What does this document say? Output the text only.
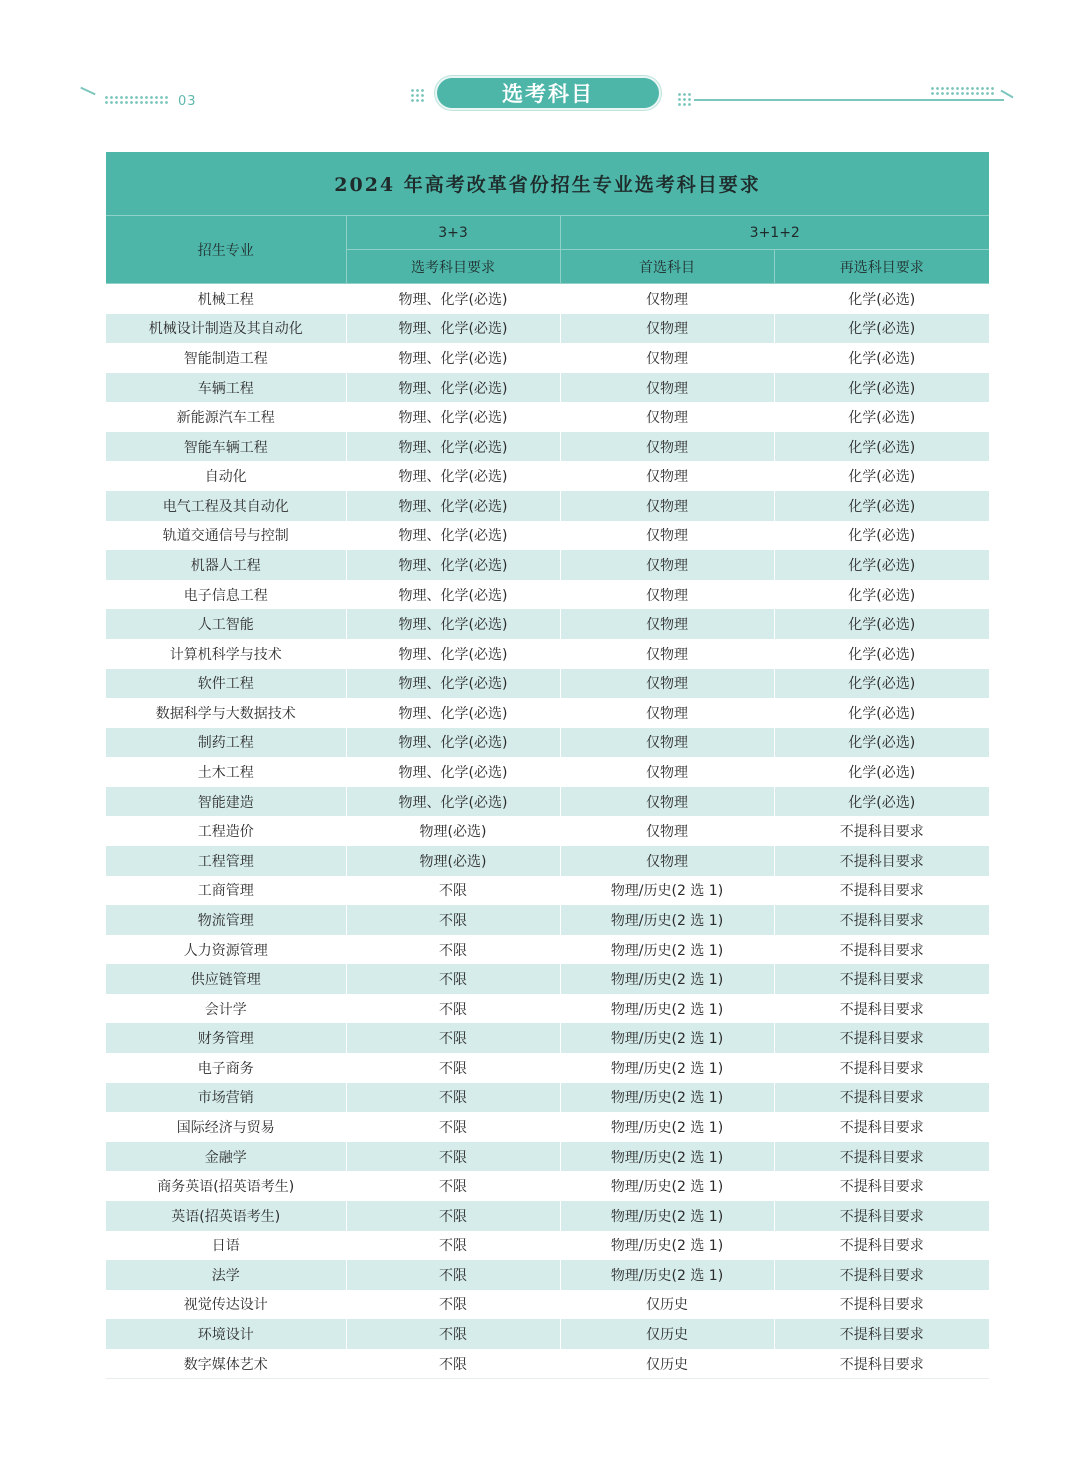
03	选考科目
2024 年高考改革省份招生专业选考科目要求
招生专业	3+3	3+1+2	
	选考科目要求	首选科目	再选科目要求
机械工程	物理、化学(必选)	仅物理	化学(必选)
机械设计制造及其自动化	物理、化学(必选)	仅物理	化学(必选)
智能制造工程	物理、化学(必选)	仅物理	化学(必选)
车辆工程	物理、化学(必选)	仅物理	化学(必选)
新能源汽车工程	物理、化学(必选)	仅物理	化学(必选)
智能车辆工程	物理、化学(必选)	仅物理	化学(必选)
自动化	物理、化学(必选)	仅物理	化学(必选)
电气工程及其自动化	物理、化学(必选)	仅物理	化学(必选)
轨道交通信号与控制	物理、化学(必选)	仅物理	化学(必选)
机器人工程	物理、化学(必选)	仅物理	化学(必选)
电子信息工程	物理、化学(必选)	仅物理	化学(必选)
人工智能	物理、化学(必选)	仅物理	化学(必选)
计算机科学与技术	物理、化学(必选)	仅物理	化学(必选)
软件工程	物理、化学(必选)	仅物理	化学(必选)
数据科学与大数据技术	物理、化学(必选)	仅物理	化学(必选)
制药工程	物理、化学(必选)	仅物理	化学(必选)
土木工程	物理、化学(必选)	仅物理	化学(必选)
智能建造	物理、化学(必选)	仅物理	化学(必选)
工程造价	物理(必选)	仅物理	不提科目要求
工程管理	物理(必选)	仅物理	不提科目要求
工商管理	不限	物理/历史(2 选 1)	不提科目要求
物流管理	不限	物理/历史(2 选 1)	不提科目要求
人力资源管理	不限	物理/历史(2 选 1)	不提科目要求
供应链管理	不限	物理/历史(2 选 1)	不提科目要求
会计学	不限	物理/历史(2 选 1)	不提科目要求
财务管理	不限	物理/历史(2 选 1)	不提科目要求
电子商务	不限	物理/历史(2 选 1)	不提科目要求
市场营销	不限	物理/历史(2 选 1)	不提科目要求
国际经济与贸易	不限	物理/历史(2 选 1)	不提科目要求
金融学	不限	物理/历史(2 选 1)	不提科目要求
商务英语(招英语考生)	不限	物理/历史(2 选 1)	不提科目要求
英语(招英语考生)	不限	物理/历史(2 选 1)	不提科目要求
日语	不限	物理/历史(2 选 1)	不提科目要求
法学	不限	物理/历史(2 选 1)	不提科目要求
视觉传达设计	不限	仅历史	不提科目要求
环境设计	不限	仅历史	不提科目要求
数字媒体艺术	不限	仅历史	不提科目要求
